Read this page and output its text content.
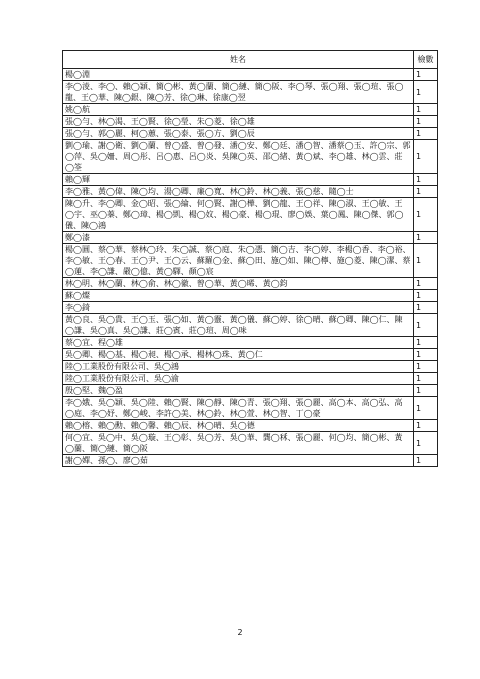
姓名	檢數
楊◯淵	1
李◯淩、李◯、賴◯穎、簡◯彬、黃◯蘭、簡◯縺、簡◯阪、李◯琴、張◯翔、張◯瑄、張◯龍、王◯華、陳◯銀、陳◯芳、徐◯琳、徐康◯翌	1
姚◯航	1
張◯勻、林◯渴、王◯賢、徐◯瑩、朱◯菱、徐◯雄	1
張◯勻、郭◯麗、柯◯蕙、張◯泰、張◯方、劉◯辰	1
劉◯瑜、謝◯衛、劉◯蘭、曾◯盛、曾◯發、潘◯安、鄭◯廷、潘◯智、潘蔡◯玉、許◯宗、郭◯萍、吳◯姍、周◯彤、呂◯惠、呂◯炎、吳陳◯英、邵◯緒、黃◯斌、李◯雄、林◯雲、莊◯筌	1
賴◯輝	1
李◯雅、黃◯偉、陳◯均、湯◯卿、廉◯寬、林◯鈴、林◯義、張◯慈、隨◯士	1
陳◯升、李◯卿、金◯昭、張◯綸、何◯賢、謝◯樺、劉◯龍、王◯祥、陳◯淑、王◯敏、王◯宇、巫◯蓁、鄭◯璋、楊◯凱、楊◯妏、楊◯豪、楊◯琨、廖◯娛、葉◯鳳、陳◯傑、郭◯儀、陳◯鴻	1
鄭◯漆	1
楊◯圓、蔡◯華、蔡林◯玲、朱◯誠、蔡◯庭、朱◯憑、簡◯吉、李◯婷、李楊◯香、李◯裕、李◯敏、王◯春、王◯尹、王◯云、蘇羅◯金、蘇◯田、施◯如、陳◯檸、施◯菱、陳◯潔、蔡◯蓮、李◯謙、嚴◯億、黃◯驛、顏◯宸	1
林◯明、林◯蘭、林◯俞、林◯徽、曾◯華、黃◯晞、黃◯鈞	1
蘇◯燦	1
李◯錡	1
黃◯良、吳◯貴、王◯玉、張◯如、黃◯靈、黃◯儀、蘇◯婷、徐◯晴、蘇◯卿、陳◯仁、陳◯謙、吳◯真、吳◯謙、莊◯賓、莊◯瑄、周◯味	1
蔡◯宜、程◯雄	1
吳◯卿、楊◯基、楊◯昶、楊◯承、楊林◯珠、黃◯仁	1
陸◯工業股份有限公司、吳◯鴻	1
陸◯工業股份有限公司、吳◯渝	1
殷◯堅、魏◯盈	1
李◯娥、吳◯穎、吳◯陸、賴◯賢、陳◯靜、陳◯青、張◯翔、張◯麗、高◯本、高◯弘、高◯庭、李◯妤、鄭◯峻、李許◯美、林◯鈴、林◯萱、林◯智、丁◯豪	1
賴◯榕、賴◯勳、賴◯馨、賴◯辰、林◯晴、吳◯德	1
何◯宜、吳◯中、吳◯璇、王◯彰、吳◯芳、吳◯華、龔◯秝、張◯麗、何◯均、簡◯彬、黃◯蘭、簡◯縺、簡◯阪	1
謝◯嬋、孫◯、廖◯茹	1
2
